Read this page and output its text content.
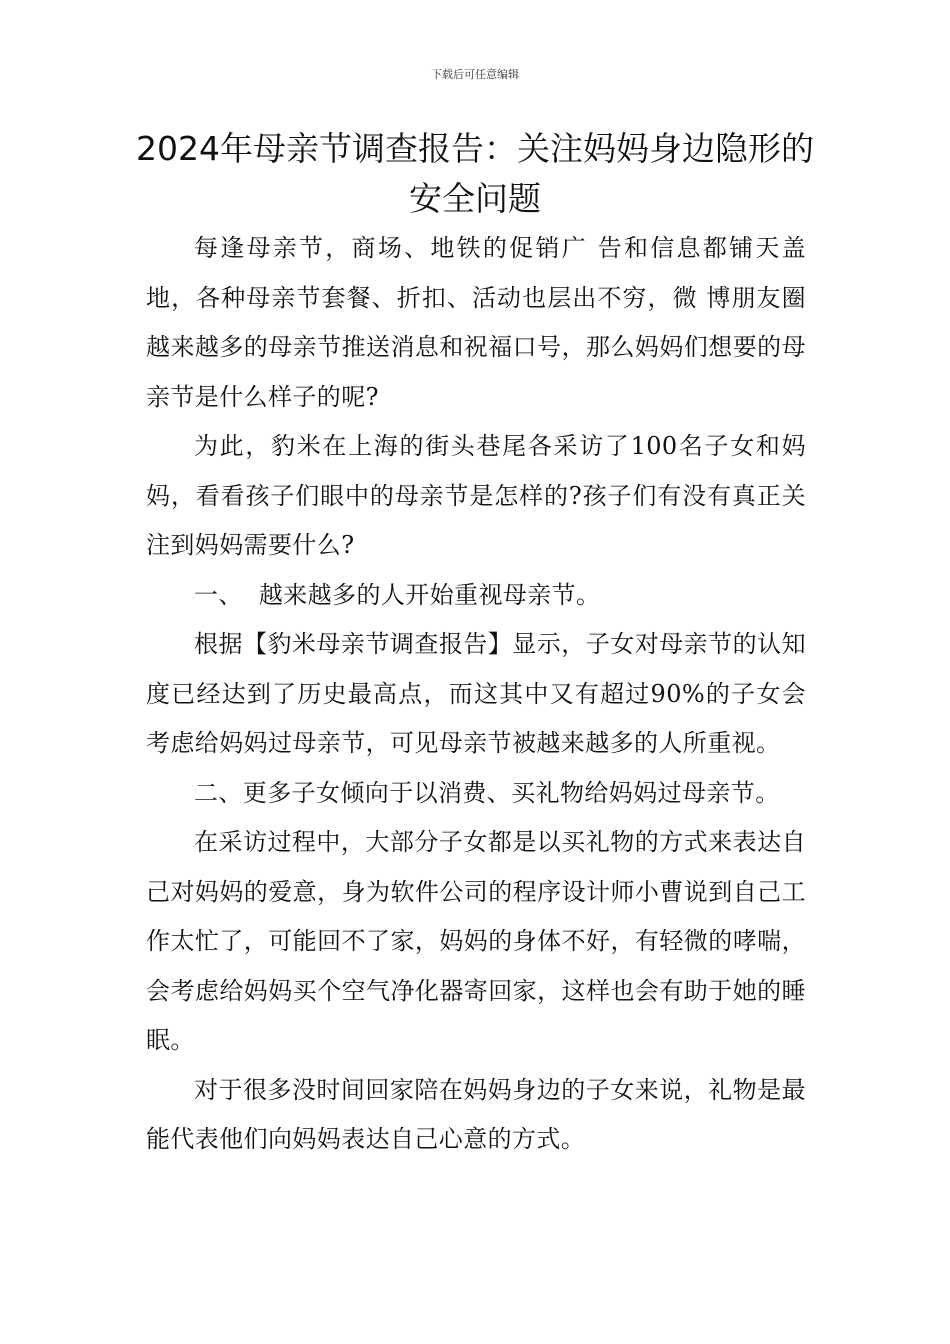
下载后可任意编辑
2024年母亲节调查报告：关注妈妈身边隐形的安全问题

每逢母亲节，商场、地铁的促销广 告和信息都铺天盖地，各种母亲节套餐、折扣、活动也层出不穷，微 博朋友圈越来越多的母亲节推送消息和祝福口号，那么妈妈们想要的母亲节是什么样子的呢?

为此，豹米在上海的街头巷尾各采访了100名子女和妈妈，看看孩子们眼中的母亲节是怎样的?孩子们有没有真正关注到妈妈需要什么?

一、  越来越多的人开始重视母亲节。

根据【豹米母亲节调查报告】显示，子女对母亲节的认知度已经达到了历史最高点，而这其中又有超过90%的子女会考虑给妈妈过母亲节，可见母亲节被越来越多的人所重视。

二、更多子女倾向于以消费、买礼物给妈妈过母亲节。

在采访过程中，大部分子女都是以买礼物的方式来表达自己对妈妈的爱意，身为软件公司的程序设计师小曹说到自己工作太忙了，可能回不了家，妈妈的身体不好，有轻微的哮喘，会考虑给妈妈买个空气净化器寄回家，这样也会有助于她的睡眠。

对于很多没时间回家陪在妈妈身边的子女来说，礼物是最能代表他们向妈妈表达自己心意的方式。
